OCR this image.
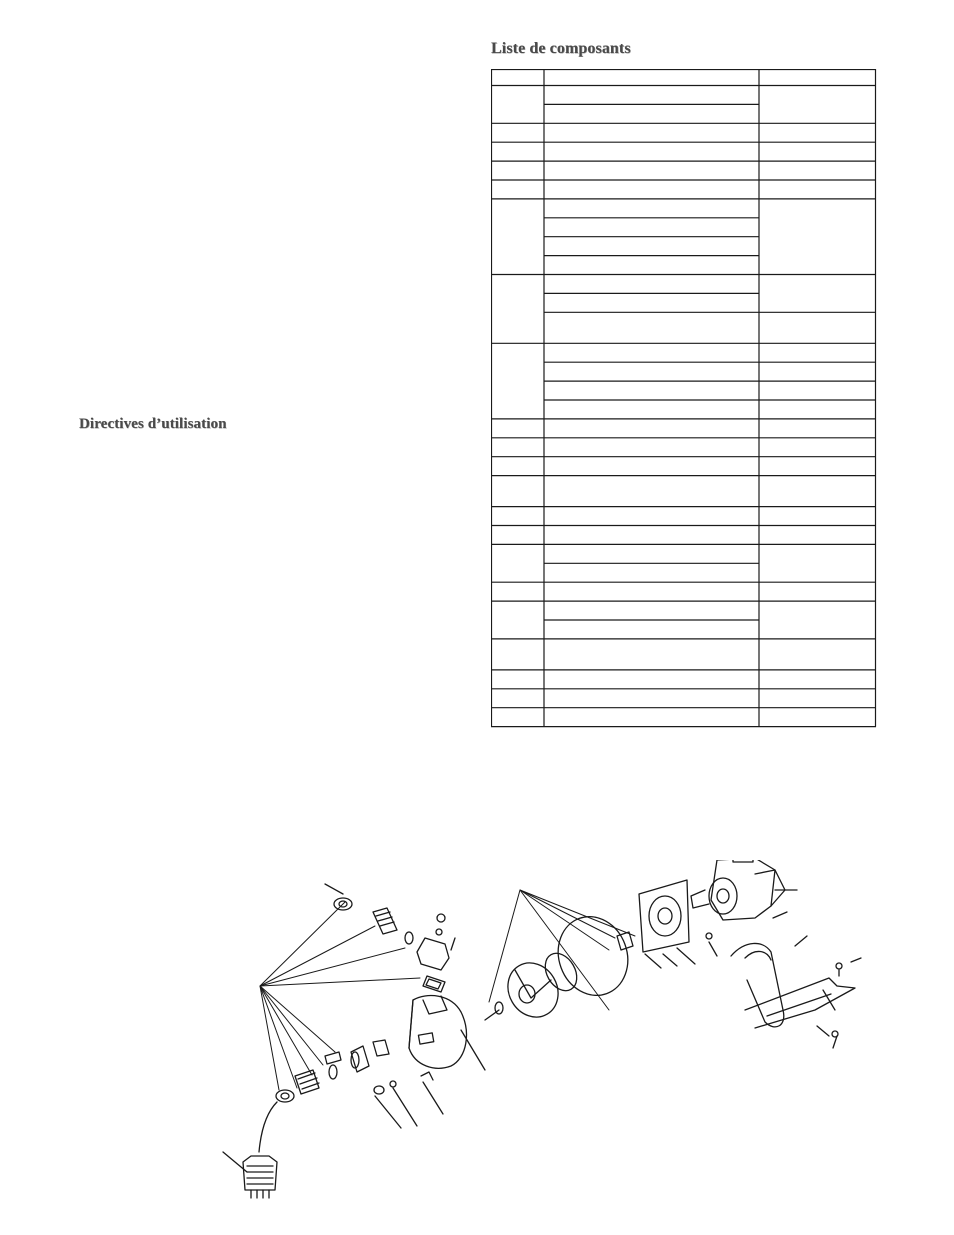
Liste de composants
Directives d’utilisation
